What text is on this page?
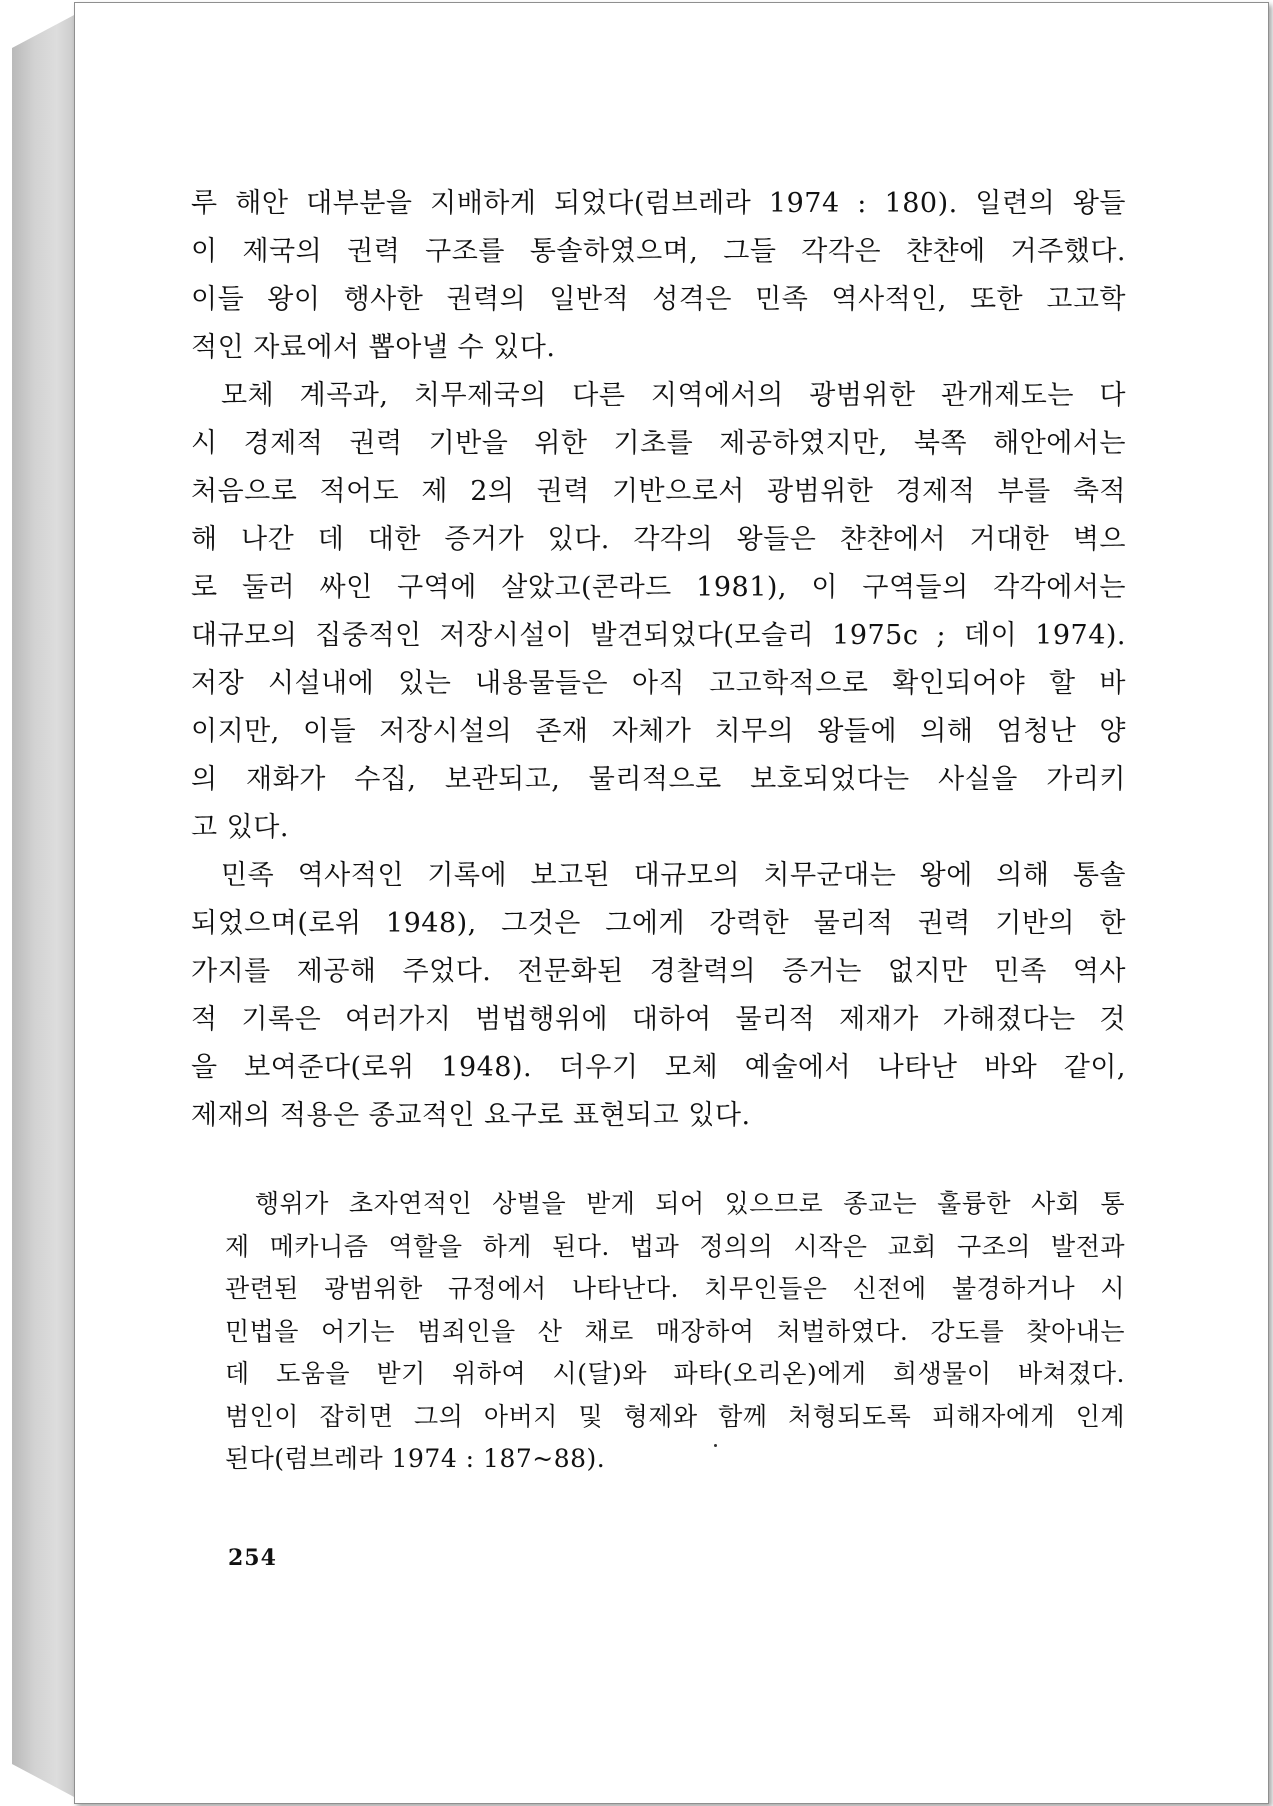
루 해안 대부분을 지배하게 되었다(럼브레라 1974 : 180). 일련의 왕들
이 제국의 권력 구조를 통솔하였으며, 그들 각각은 챤챤에 거주했다.
이들 왕이 행사한 권력의 일반적 성격은 민족 역사적인, 또한 고고학
적인 자료에서 뽑아낼 수 있다.
모체 계곡과, 치무제국의 다른 지역에서의 광범위한 관개제도는 다
시 경제적 권력 기반을 위한 기초를 제공하였지만, 북쪽 해안에서는
처음으로 적어도 제 2의 권력 기반으로서 광범위한 경제적 부를 축적
해 나간 데 대한 증거가 있다. 각각의 왕들은 챤챤에서 거대한 벽으
로 둘러 싸인 구역에 살았고(콘라드 1981), 이 구역들의 각각에서는
대규모의 집중적인 저장시설이 발견되었다(모슬리 1975c ; 데이 1974).
저장 시설내에 있는 내용물들은 아직 고고학적으로 확인되어야 할 바
이지만, 이들 저장시설의 존재 자체가 치무의 왕들에 의해 엄청난 양
의 재화가 수집, 보관되고, 물리적으로 보호되었다는 사실을 가리키
고 있다.
민족 역사적인 기록에 보고된 대규모의 치무군대는 왕에 의해 통솔
되었으며(로위 1948), 그것은 그에게 강력한 물리적 권력 기반의 한
가지를 제공해 주었다. 전문화된 경찰력의 증거는 없지만 민족 역사
적 기록은 여러가지 범법행위에 대하여 물리적 제재가 가해졌다는 것
을 보여준다(로위 1948). 더우기 모체 예술에서 나타난 바와 같이,
제재의 적용은 종교적인 요구로 표현되고 있다.
행위가 초자연적인 상벌을 받게 되어 있으므로 종교는 훌륭한 사회 통
제 메카니즘 역할을 하게 된다. 법과 정의의 시작은 교회 구조의 발전과
관련된 광범위한 규정에서 나타난다. 치무인들은 신전에 불경하거나 시
민법을 어기는 범죄인을 산 채로 매장하여 처벌하였다. 강도를 찾아내는
데 도움을 받기 위하여 시(달)와 파타(오리온)에게 희생물이 바쳐졌다.
범인이 잡히면 그의 아버지 및 형제와 함께 처형되도록 피해자에게 인계
된다(럼브레라 1974 : 187~88).
254
